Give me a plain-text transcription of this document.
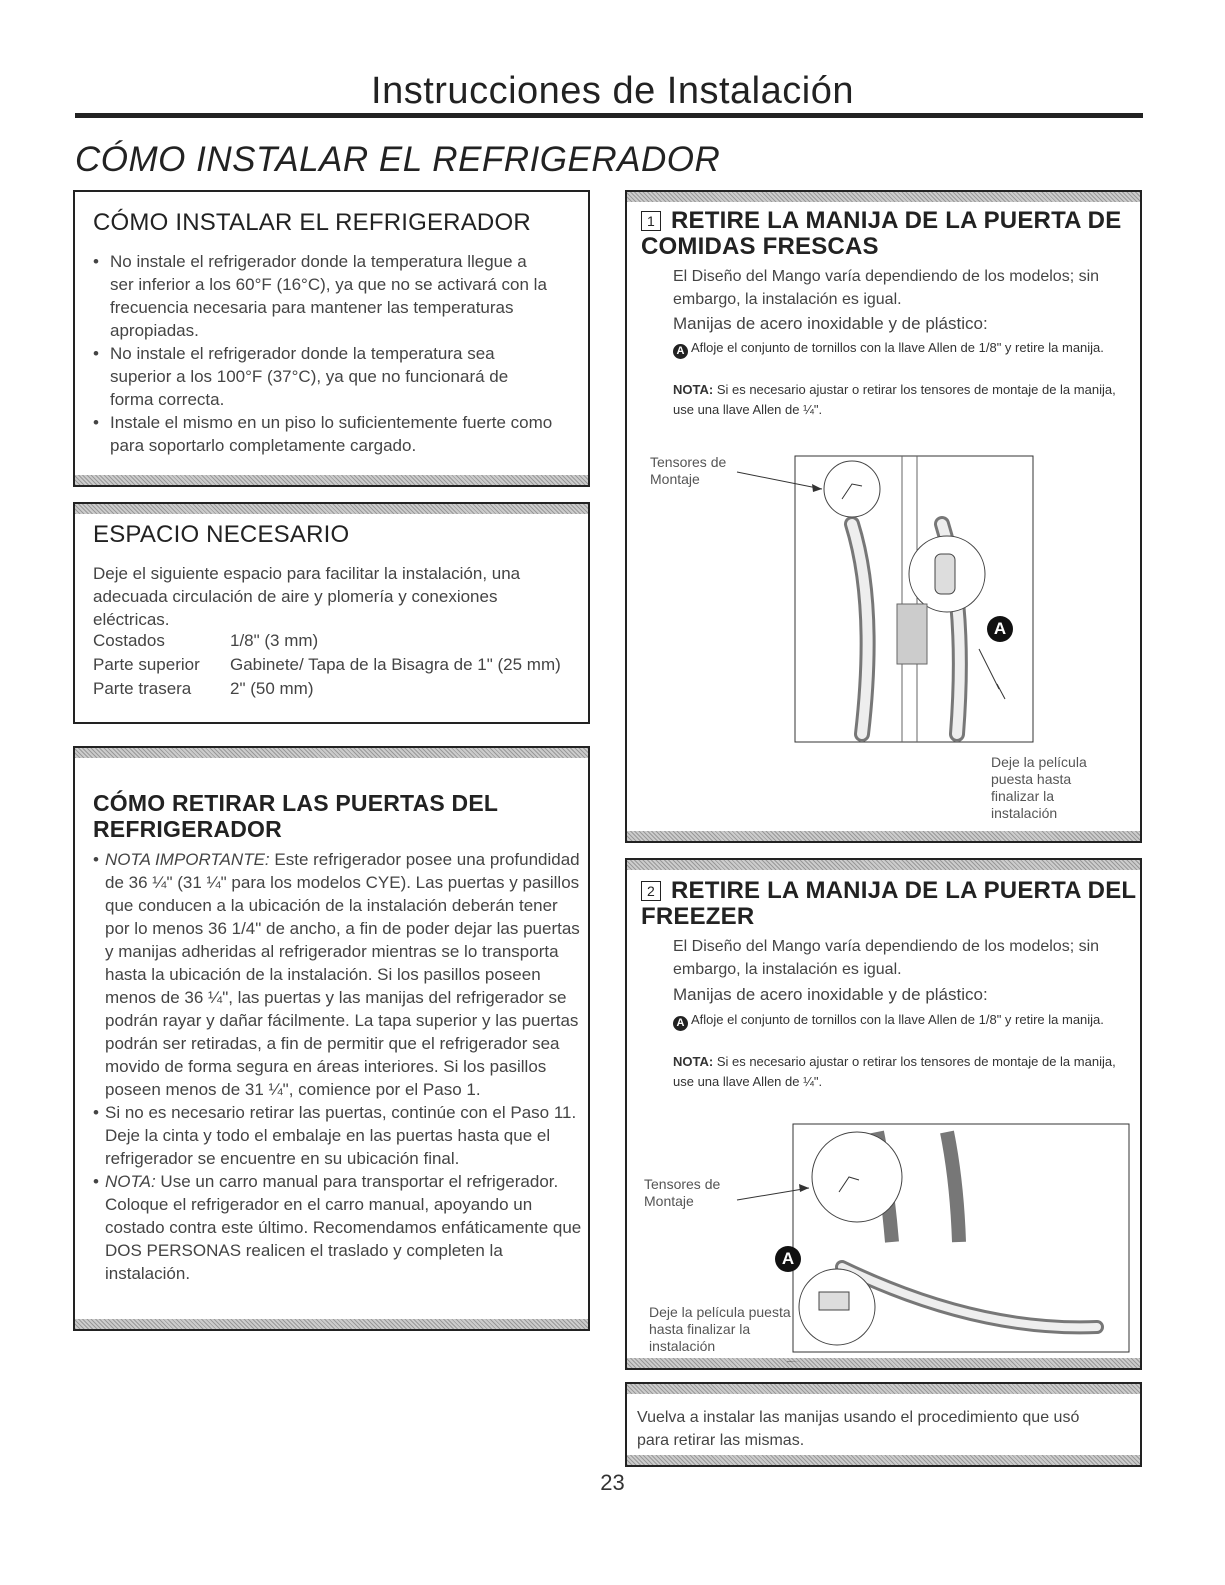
Instrucciones de Instalación
CÓMO INSTALAR EL REFRIGERADOR
CÓMO INSTALAR EL REFRIGERADOR
• No instale el refrigerador donde la temperatura llegue a ser inferior a los 60°F (16°C), ya que no se activará con la frecuencia necesaria para mantener las temperaturas apropiadas.
• No instale el refrigerador donde la temperatura sea superior a los 100°F (37°C), ya que no funcionará de forma correcta.
• Instale el mismo en un piso lo suficientemente fuerte como para soportarlo completamente cargado.
ESPACIO NECESARIO
Deje el siguiente espacio para facilitar la instalación, una adecuada circulación de aire y plomería y conexiones eléctricas.
Costados	1/8" (3 mm)
Parte superior Gabinete/ Tapa de la Bisagra de 1" (25 mm)
Parte trasera 2" (50 mm)
CÓMO RETIRAR LAS PUERTAS DEL
REFRIGERADOR
• NOTA IMPORTANTE: Este refrigerador posee una profundidad de 36 ¼" (31 ¼" para los modelos CYE). Las puertas y pasillos que conducen a la ubicación de la instalación deberán tener por lo menos 36 1/4" de ancho, a fin de poder dejar las puertas y manijas adheridas al refrigerador mientras se lo transporta hasta la ubicación de la instalación. Si los pasillos poseen menos de 36 ¼", las puertas y las manijas del refrigerador se podrán rayar y dañar fácilmente. La tapa superior y las puertas podrán ser retiradas, a fin de permitir que el refrigerador sea movido de forma segura en áreas interiores. Si los pasillos poseen menos de 31 ¼", comience por el Paso 1.
• Si no es necesario retirar las puertas, continúe con el Paso 11. Deje la cinta y todo el embalaje en las puertas hasta que el refrigerador se encuentre en su ubicación final.
• NOTA: Use un carro manual para transportar el refrigerador. Coloque el refrigerador en el carro manual, apoyando un costado contra este último. Recomendamos enfáticamente que DOS PERSONAS realicen el traslado y completen la instalación.
1 RETIRE LA MANIJA DE LA PUERTA DE COMIDAS FRESCAS
El Diseño del Mango varía dependiendo de los modelos; sin embargo, la instalación es igual.
Manijas de acero inoxidable y de plástico:
A Afloje el conjunto de tornillos con la llave Allen de 1/8" y retire la manija.
NOTA: Si es necesario ajustar o retirar los tensores de montaje de la manija, use una llave Allen de ¼".
Tensores de Montaje
A
Deje la película puesta hasta finalizar la instalación
2 RETIRE LA MANIJA DE LA PUERTA DEL FREEZER
El Diseño del Mango varía dependiendo de los modelos; sin embargo, la instalación es igual.
Manijas de acero inoxidable y de plástico:
A Afloje el conjunto de tornillos con la llave Allen de 1/8" y retire la manija.
NOTA: Si es necesario ajustar o retirar los tensores de montaje de la manija, use una llave Allen de ¼".
Tensores de Montaje
A
Deje la película puesta hasta finalizar la instalación
Vuelva a instalar las manijas usando el procedimiento que usó para retirar las mismas.
23
